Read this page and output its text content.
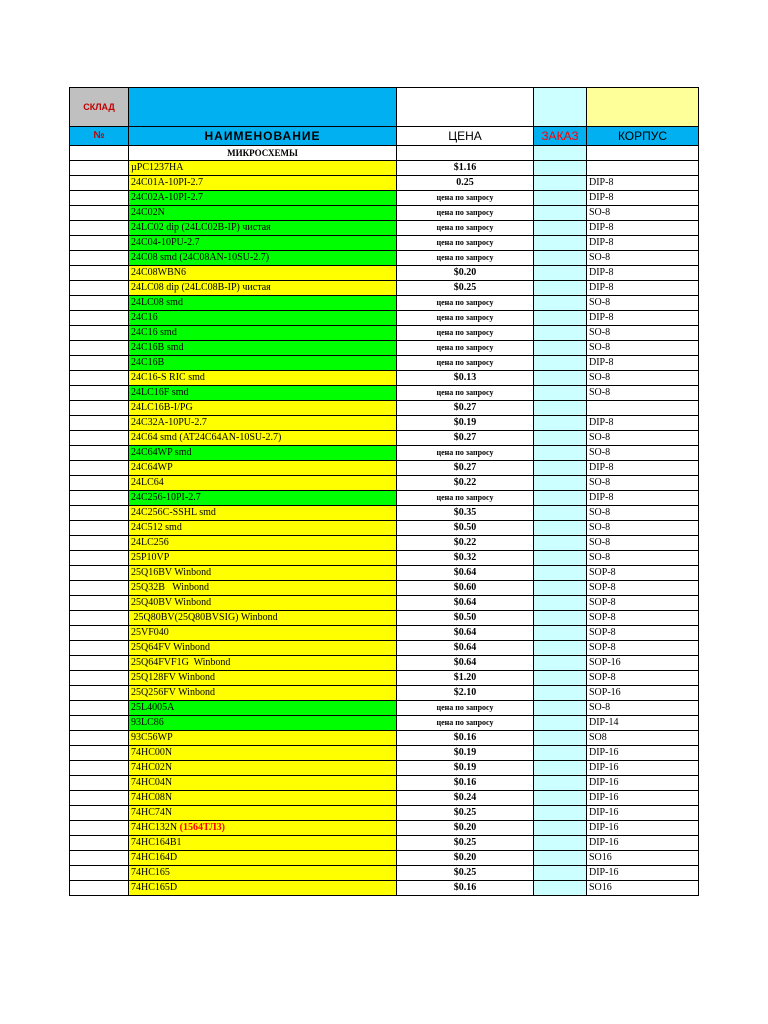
СКЛАД				
№	НАИМЕНОВАНИЕ	ЦЕНА	ЗАКАЗ	КОРПУС
	МИКРОСХЕМЫ			
	µPC1237HA	$1.16		
	24C01A-10PI-2.7	0.25		DIP-8
	24C02A-10PI-2.7	цена по запросу		DIP-8
	24C02N	цена по запросу		SO-8
	24LC02 dip (24LC02B-IP) чистая	цена по запросу		DIP-8
	24C04-10PU-2.7	цена по запросу		DIP-8
	24C08 smd (24C08AN-10SU-2.7)	цена по запросу		SO-8
	24C08WBN6	$0.20		DIP-8
	24LC08 dip (24LC08B-IP) чистая	$0.25		DIP-8
	24LC08 smd	цена по запросу		SO-8
	24C16	цена по запросу		DIP-8
	24C16 smd	цена по запросу		SO-8
	24C16B smd	цена по запросу		SO-8
	24C16B	цена по запросу		DIP-8
	24C16-S RIC smd	$0.13		SO-8
	24LC16F smd	цена по запросу		SO-8
	24LC16B-I/PG	$0.27		
	24C32A-10PU-2.7	$0.19		DIP-8
	24C64 smd (AT24C64AN-10SU-2.7)	$0.27		SO-8
	24C64WP smd	цена по запросу		SO-8
	24C64WP	$0.27		DIP-8
	24LC64	$0.22		SO-8
	24C256-10PI-2.7	цена по запросу		DIP-8
	24C256C-SSHL smd	$0.35		SO-8
	24C512 smd	$0.50		SO-8
	24LC256	$0.22		SO-8
	25P10VP	$0.32		SO-8
	25Q16BV Winbond	$0.64		SOP-8
	25Q32B   Winbond	$0.60		SOP-8
	25Q40BV Winbond	$0.64		SOP-8
	25Q80BV(25Q80BVSIG) Winbond	$0.50		SOP-8
	25VF040	$0.64		SOP-8
	25Q64FV Winbond	$0.64		SOP-8
	25Q64FVF1G  Winbond	$0.64		SOP-16
	25Q128FV Winbond	$1.20		SOP-8
	25Q256FV Winbond	$2.10		SOP-16
	25L4005A	цена по запросу		SO-8
	93LC86	цена по запросу		DIP-14
	93C56WP	$0.16		SO8
	74HC00N	$0.19		DIP-16
	74HC02N	$0.19		DIP-16
	74HC04N	$0.16		DIP-16
	74HC08N	$0.24		DIP-16
	74HC74N	$0.25		DIP-16
	74HC132N (1564ТЛ3)	$0.20		DIP-16
	74HC164B1	$0.25		DIP-16
	74HC164D	$0.20		SO16
	74HC165	$0.25		DIP-16
	74HC165D	$0.16		SO16
